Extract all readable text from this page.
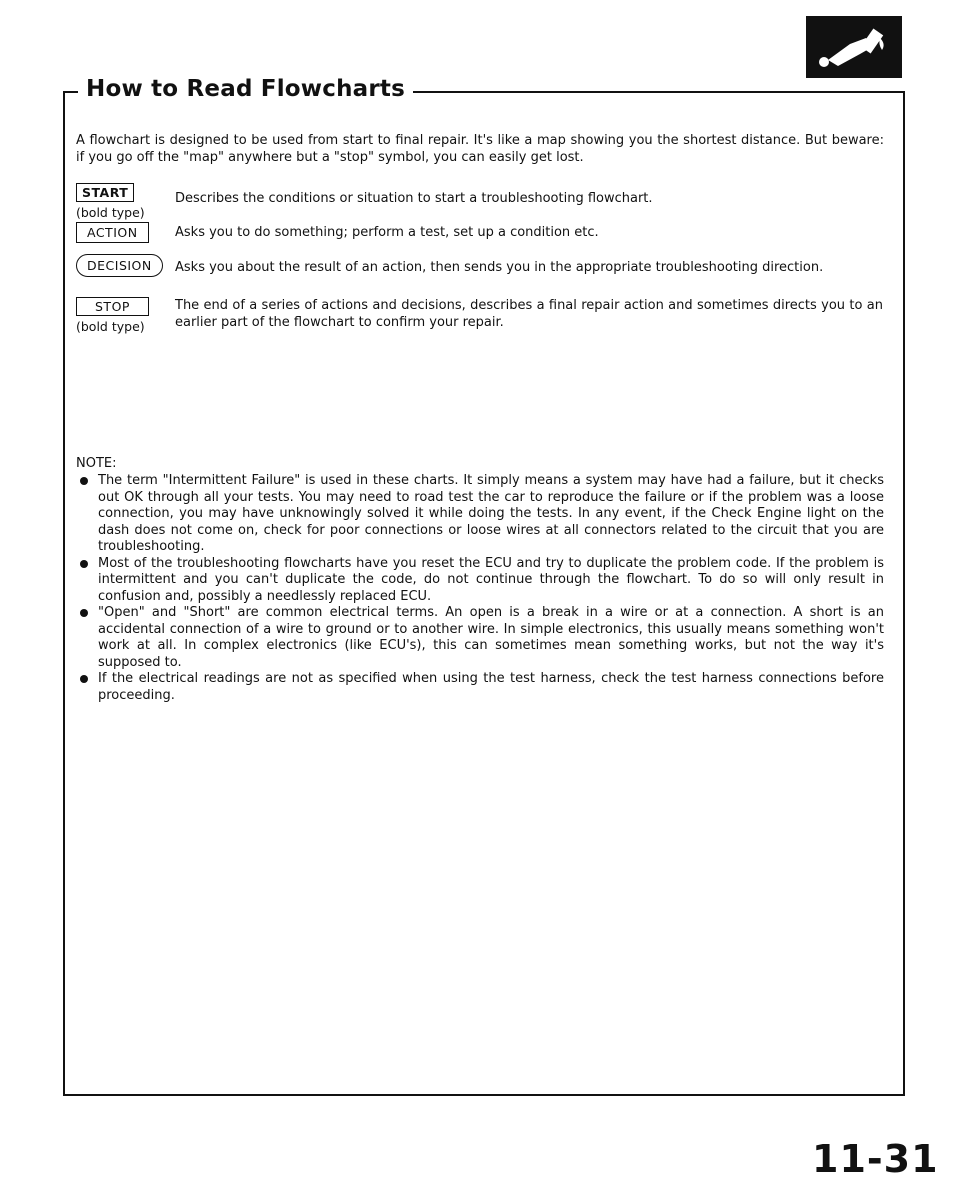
How to Read Flowcharts
A flowchart is designed to be used from start to final repair. It's like a map showing you the shortest distance. But beware: if you go off the "map" anywhere but a "stop" symbol, you can easily get lost.
START
(bold type)
Describes the conditions or situation to start a troubleshooting flowchart.
ACTION	Asks you to do something; perform a test, set up a condition etc.
DECISION	Asks you about the result of an action, then sends you in the appropriate troubleshooting direction.
STOP
(bold type)
The end of a series of actions and decisions, describes a final repair action and sometimes directs you to an earlier part of the flowchart to confirm your repair.
NOTE:
The term "Intermittent Failure" is used in these charts. It simply means a system may have had a failure, but it checks out OK through all your tests. You may need to road test the car to reproduce the failure or if the problem was a loose connection, you may have unknowingly solved it while doing the tests. In any event, if the Check Engine light on the dash does not come on, check for poor connections or loose wires at all connectors related to the circuit that you are troubleshooting.
Most of the troubleshooting flowcharts have you reset the ECU and try to duplicate the problem code. If the problem is intermittent and you can't duplicate the code, do not continue through the flowchart. To do so will only result in confusion and, possibly a needlessly replaced ECU.
"Open" and "Short" are common electrical terms. An open is a break in a wire or at a connection. A short is an accidental connection of a wire to ground or to another wire. In simple electronics, this usually means something won't work at all. In complex electronics (like ECU's), this can sometimes mean something works, but not the way it's supposed to.
If the electrical readings are not as specified when using the test harness, check the test harness connections before proceeding.
11-31
